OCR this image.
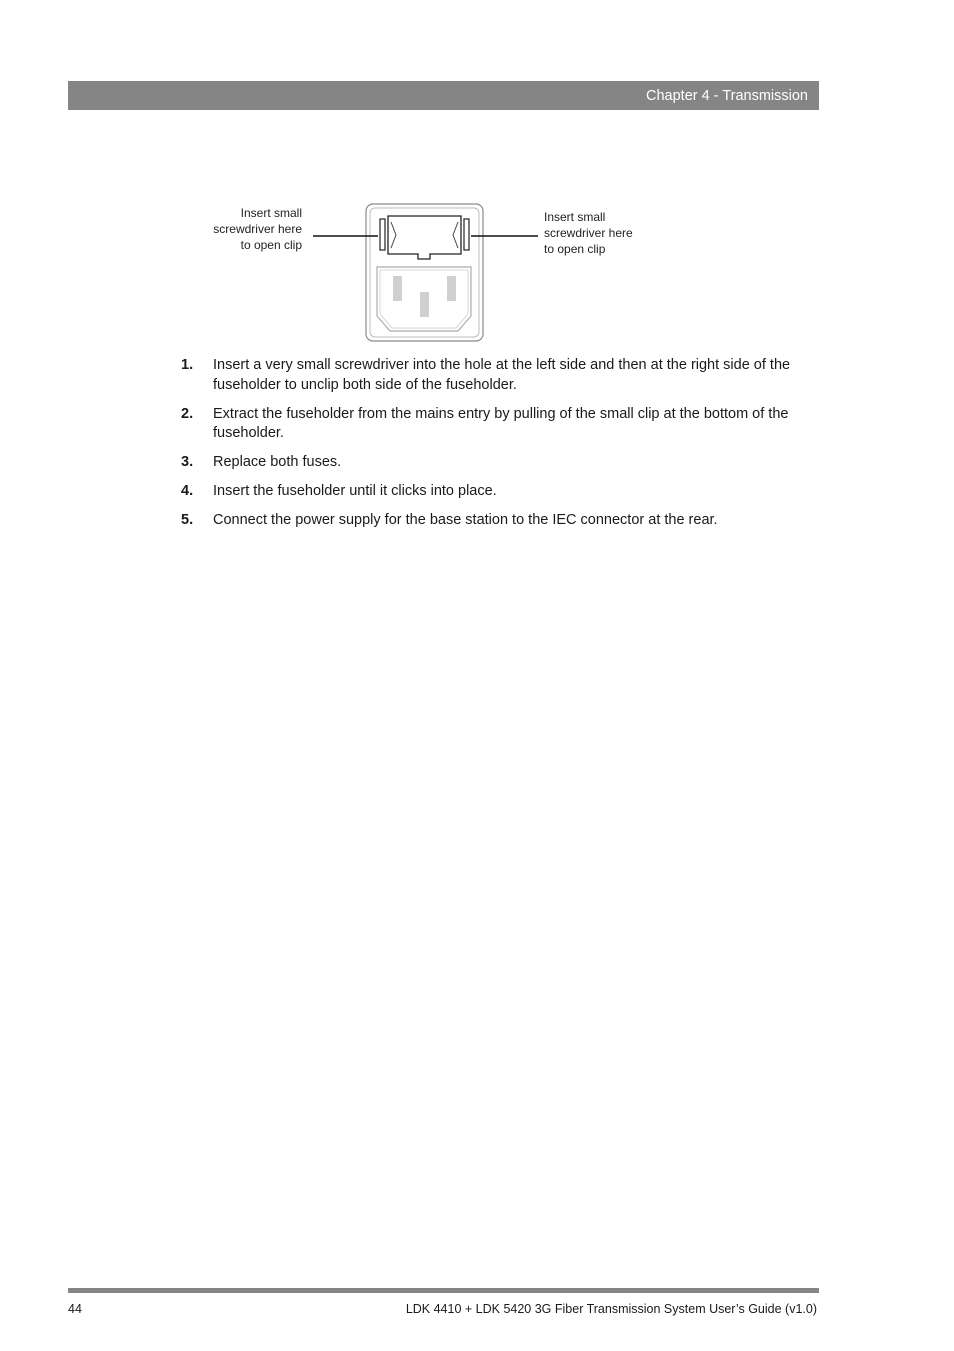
Chapter 4 - Transmission
Insert small
screwdriver here
to open clip
Insert small
screwdriver here
to open clip
1. Insert a very small screwdriver into the hole at the left side and then at the right side of the fuseholder to unclip both side of the fuseholder.
2. Extract the fuseholder from the mains entry by pulling of the small clip at the bottom of the fuseholder.
3. Replace both fuses.
4. Insert the fuseholder until it clicks into place.
5. Connect the power supply for the base station to the IEC connector at the rear.
44	LDK 4410 + LDK 5420 3G Fiber Transmission System User’s Guide (v1.0)
